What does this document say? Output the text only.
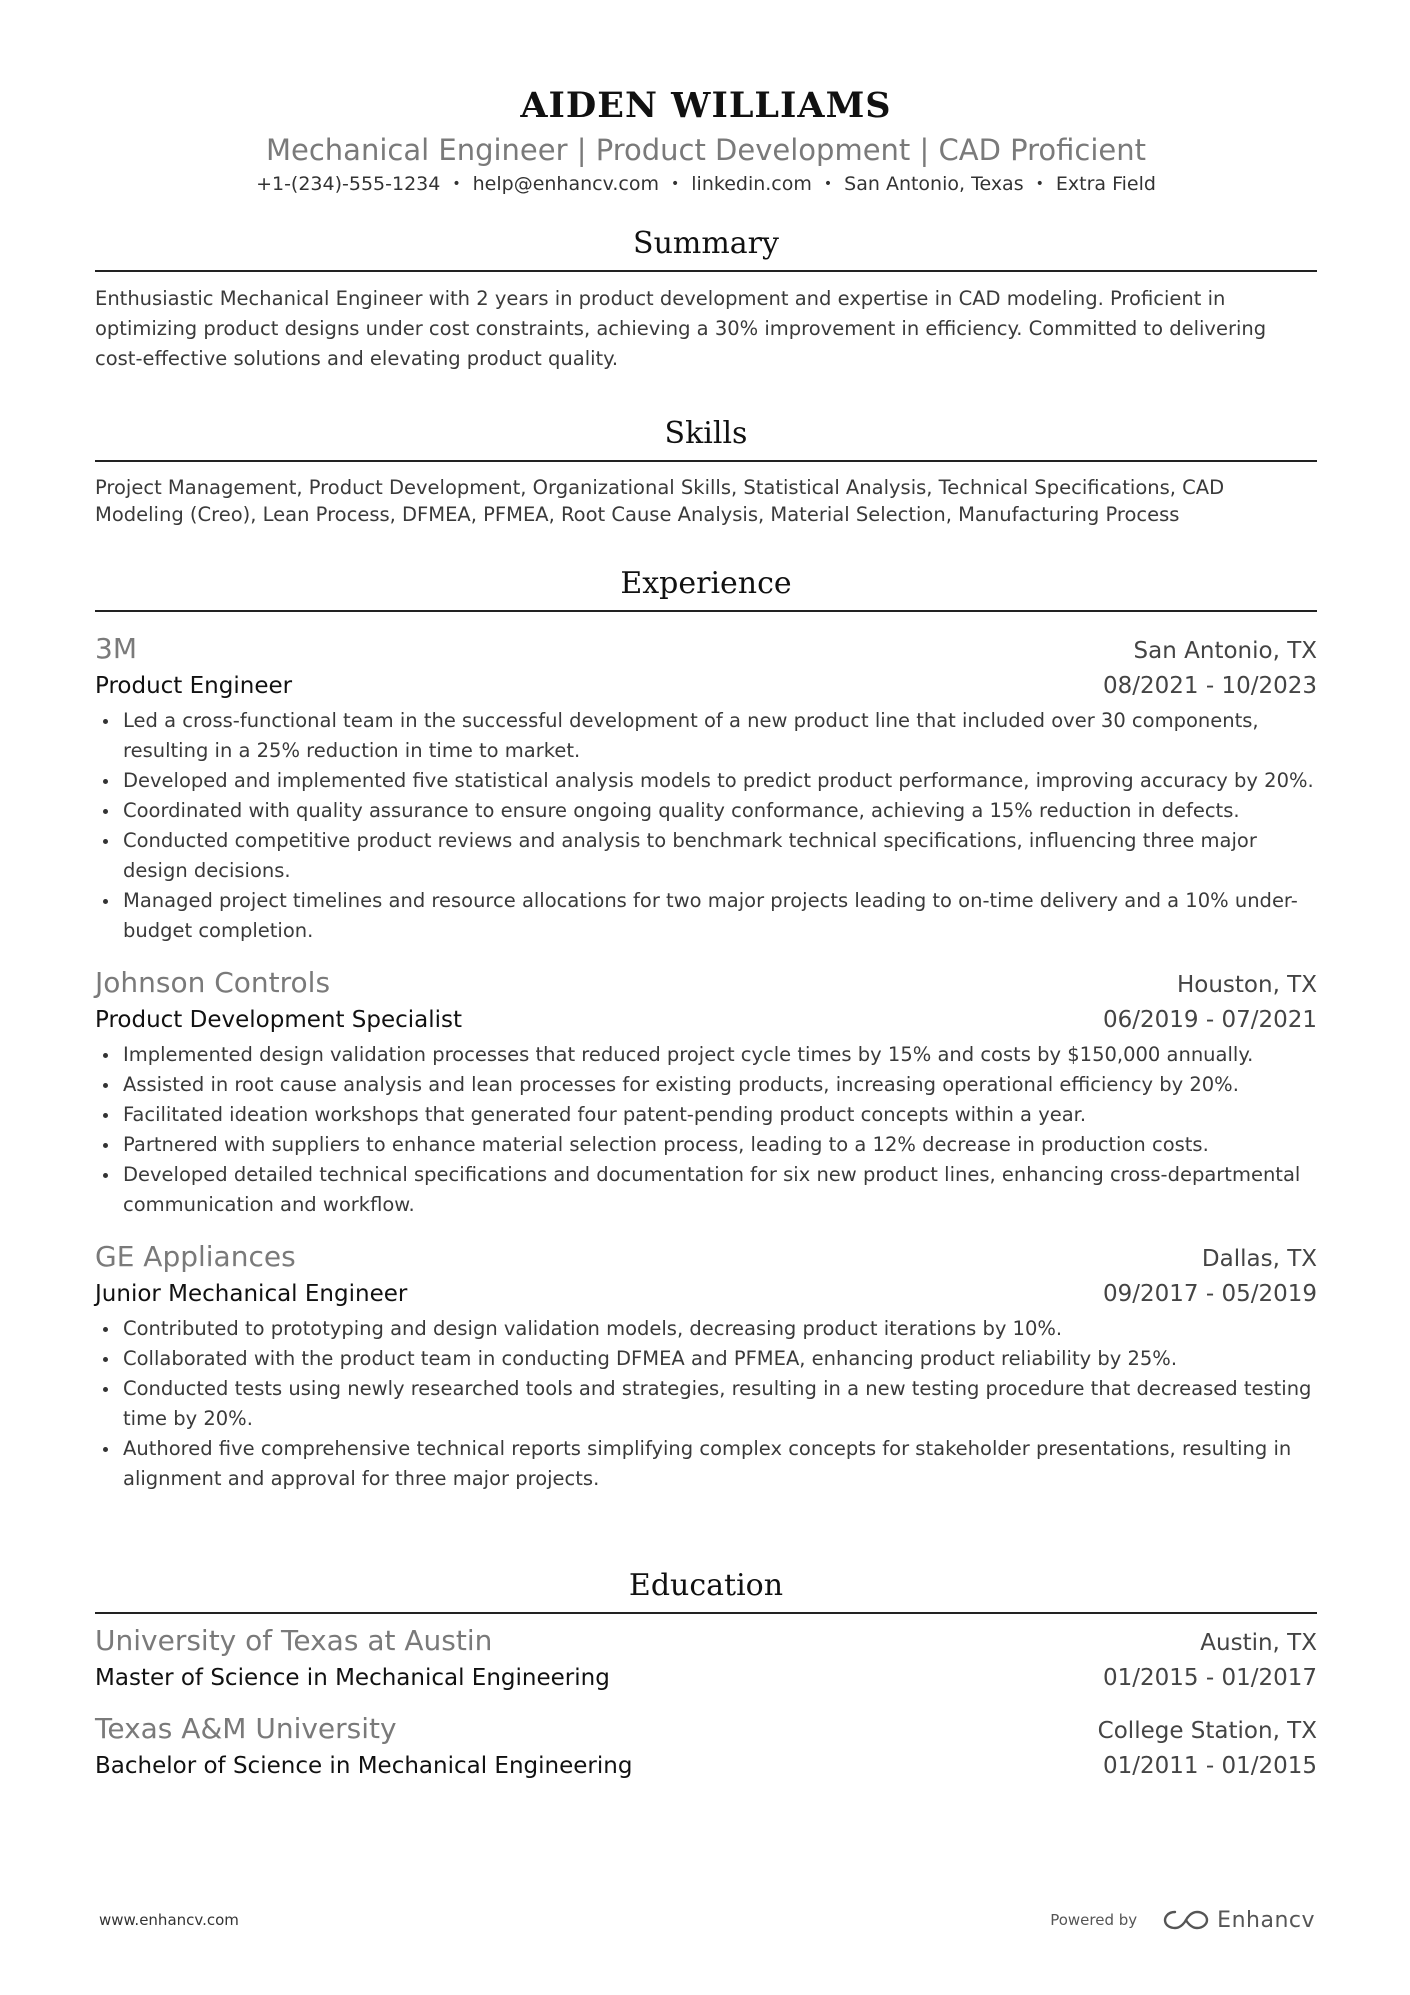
AIDEN WILLIAMS
Mechanical Engineer | Product Development | CAD Proficient
+1-(234)-555-1234 • help@enhancv.com • linkedin.com • San Antonio, Texas • Extra Field
Summary
Enthusiastic Mechanical Engineer with 2 years in product development and expertise in CAD modeling. Proficient in optimizing product designs under cost constraints, achieving a 30% improvement in efficiency. Committed to delivering cost-effective solutions and elevating product quality.
Skills
Project Management, Product Development, Organizational Skills, Statistical Analysis, Technical Specifications, CAD Modeling (Creo), Lean Process, DFMEA, PFMEA, Root Cause Analysis, Material Selection, Manufacturing Process
Experience
3M	San Antonio, TX
Product Engineer	08/2021 - 10/2023
Led a cross-functional team in the successful development of a new product line that included over 30 components, resulting in a 25% reduction in time to market.
Developed and implemented five statistical analysis models to predict product performance, improving accuracy by 20%.
Coordinated with quality assurance to ensure ongoing quality conformance, achieving a 15% reduction in defects.
Conducted competitive product reviews and analysis to benchmark technical specifications, influencing three major design decisions.
Managed project timelines and resource allocations for two major projects leading to on-time delivery and a 10% under-budget completion.
Johnson Controls	Houston, TX
Product Development Specialist	06/2019 - 07/2021
Implemented design validation processes that reduced project cycle times by 15% and costs by $150,000 annually.
Assisted in root cause analysis and lean processes for existing products, increasing operational efficiency by 20%.
Facilitated ideation workshops that generated four patent-pending product concepts within a year.
Partnered with suppliers to enhance material selection process, leading to a 12% decrease in production costs.
Developed detailed technical specifications and documentation for six new product lines, enhancing cross-departmental communication and workflow.
GE Appliances	Dallas, TX
Junior Mechanical Engineer	09/2017 - 05/2019
Contributed to prototyping and design validation models, decreasing product iterations by 10%.
Collaborated with the product team in conducting DFMEA and PFMEA, enhancing product reliability by 25%.
Conducted tests using newly researched tools and strategies, resulting in a new testing procedure that decreased testing time by 20%.
Authored five comprehensive technical reports simplifying complex concepts for stakeholder presentations, resulting in alignment and approval for three major projects.
Education
University of Texas at Austin	Austin, TX
Master of Science in Mechanical Engineering	01/2015 - 01/2017
Texas A&M University	College Station, TX
Bachelor of Science in Mechanical Engineering	01/2011 - 01/2015
www.enhancv.com	Powered by	Enhancv
